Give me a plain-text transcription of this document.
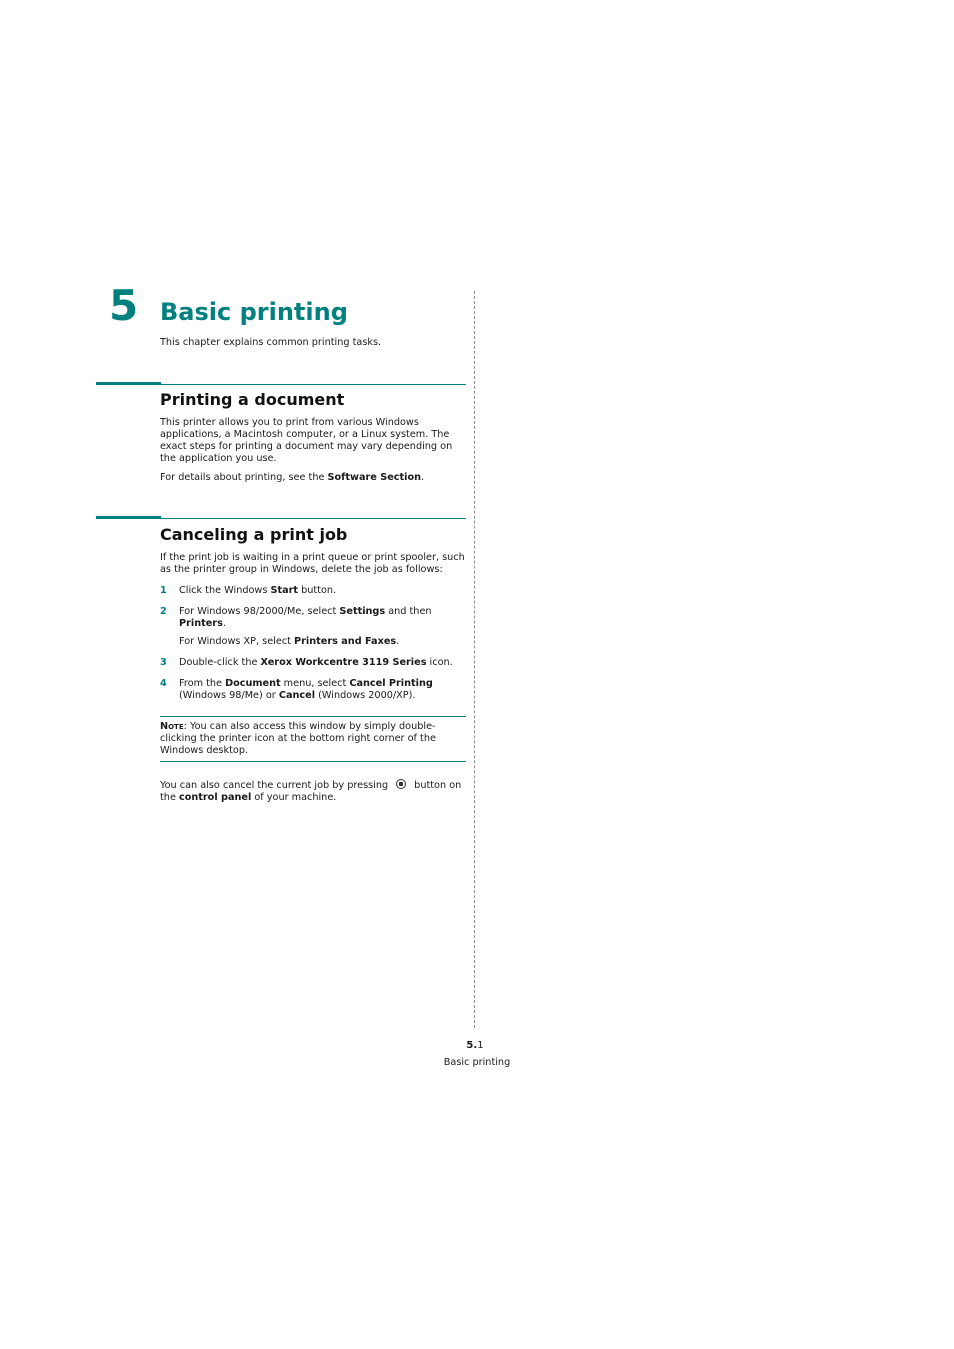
5 Basic printing
This chapter explains common printing tasks.
Printing a document
This printer allows you to print from various Windows applications, a Macintosh computer, or a Linux system. The exact steps for printing a document may vary depending on the application you use.
For details about printing, see the Software Section.
Canceling a print job
If the print job is waiting in a print queue or print spooler, such as the printer group in Windows, delete the job as follows:
1 Click the Windows Start button.
2 For Windows 98/2000/Me, select Settings and then Printers.
For Windows XP, select Printers and Faxes.
3 Double-click the Xerox Workcentre 3119 Series icon.
4 From the Document menu, select Cancel Printing (Windows 98/Me) or Cancel (Windows 2000/XP).
Note: You can also access this window by simply double-clicking the printer icon at the bottom right corner of the Windows desktop.
You can also cancel the current job by pressing	button on the control panel of your machine.
5.1
Basic printing
